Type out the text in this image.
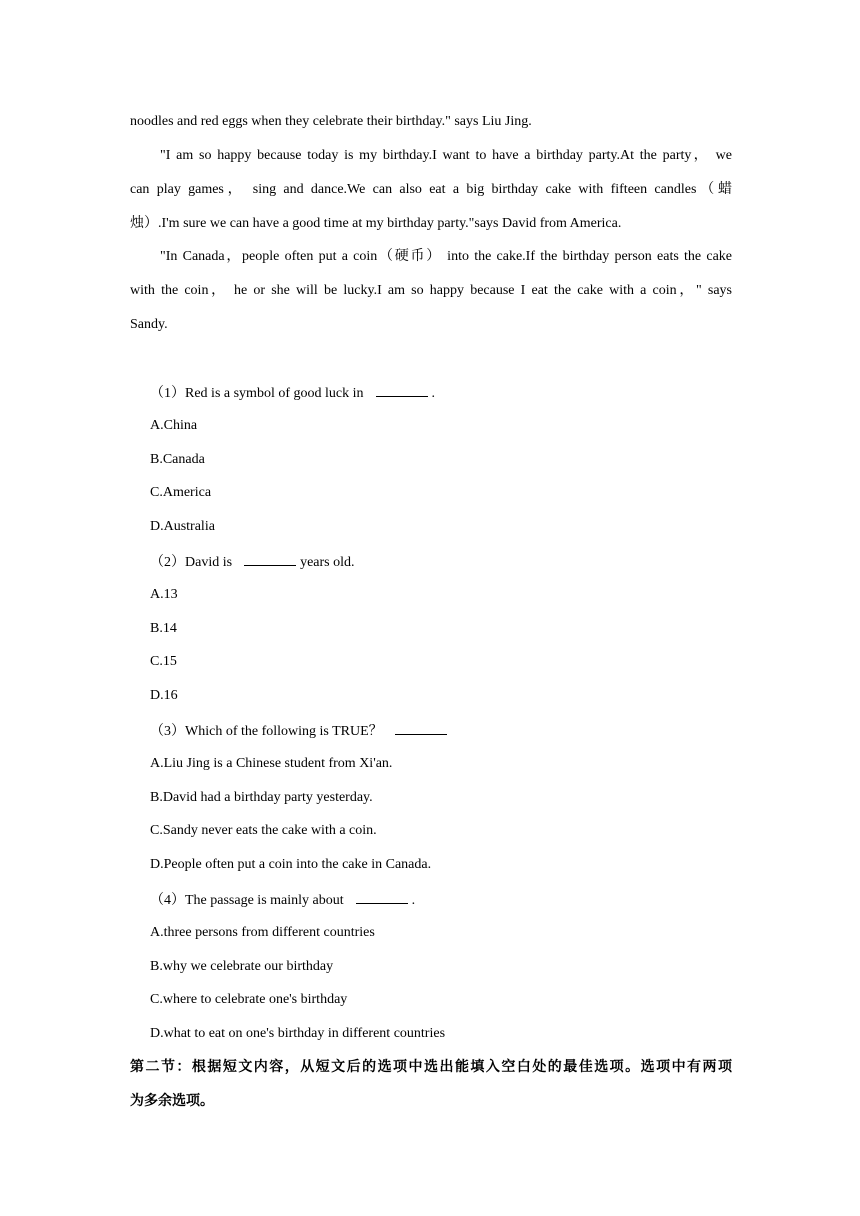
noodles and red eggs when they celebrate their birthday." says Liu Jing.
"I am so happy because today is my birthday.I want to have a birthday party.At the party， we
can play games， sing and dance.We can also eat a big birthday cake with fifteen candles（蜡
烛）.I'm sure we can have a good time at my birthday party."says David from America.
"In Canada，people often put a coin（硬币） into the cake.If the birthday person eats the cake
with the coin， he or she will be lucky.I am so happy because I eat the cake with a coin，" says
Sandy.
（1）Red is a symbol of good luck in	.
A.China
B.Canada
C.America
D.Australia
（2）David is	years old.
A.13
B.14
C.15
D.16
（3）Which of the following is TRUE？
A.Liu Jing is a Chinese student from Xi'an.
B.David had a birthday party yesterday.
C.Sandy never eats the cake with a coin.
D.People often put a coin into the cake in Canada.
（4）The passage is mainly about	.
A.three persons from different countries
B.why we celebrate our birthday
C.where to celebrate one's birthday
D.what to eat on one's birthday in different countries
第二节：根据短文内容，从短文后的选项中选出能填入空白处的最佳选项。选项中有两项
为多余选项。
